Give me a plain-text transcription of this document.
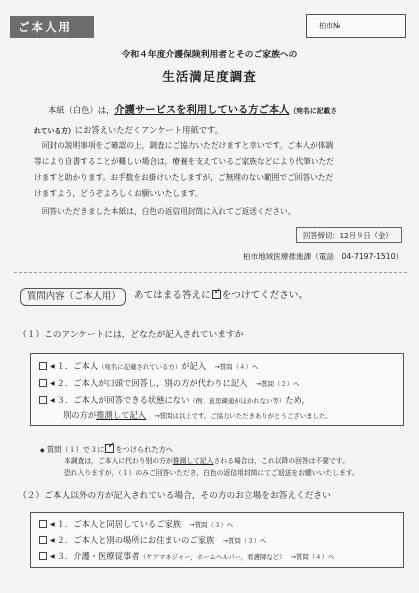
ご本人用	柏市№
令和４年度介護保険利用者とそのご家族への
生活満足度調査
本紙（白色）は，介護サービスを利用している方ご本人（宛名に記載さ
れている方）にお答えいただくアンケート用紙です。
　同封の説明事項をご確認の上，調査にご協力いただけますと幸いです。ご本人が体調
等により自書することが難しい場合は，療養を支えているご家族などにより代筆いただ
けますと助かります。お手数をお掛けいたしますが，ご無理のない範囲でご回答いただ
けますよう，どうぞよろしくお願いいたします。
　回答いただきました本紙は，白色の返信用封筒に入れてご返送ください。
回答締切：12月９日（金）
柏市地域医療推進課（電話　04-7197-1510）
質問内容（ご本人用）	あてはまる答えに ✓ をつけてください。
（１）このアンケートには，どなたが記入されていますか
◀ １．ご本人（宛名に記載されている方）が記入　 →質問（４）へ
◀ ２．ご本人が口頭で回答し，別の方が代わりに記入　 →質問（２）へ
◀ ３．ご本人が回答できる状態にない（例：意思疎通がほかれない等）ため，
別の方が推測して記入　 →質問は以上です。ご協力いただきありがとうございました。
◆ 質問（１）で３に ✓ をつけられた方へ
本調査は，ご本人に代わり別の方が推測して記入される場合は，これ以降の回答は不要です。
恐れ入りますが，（１）のみご回答いただき，白色の返信用封筒にてご返送をお願いいたします。
（２）ご本人以外の方が記入されている場合，その方のお立場をお答えください
◀ １．ご本人と同居しているご家族　 →質問（３）へ
◀ ２．ご本人と別の場所にお住まいのご家族　 →質問（３）へ
◀ ３．介護・医療従事者（ケアマネジャー，ホームヘルパー，看護師など）　 →質問（４）へ
